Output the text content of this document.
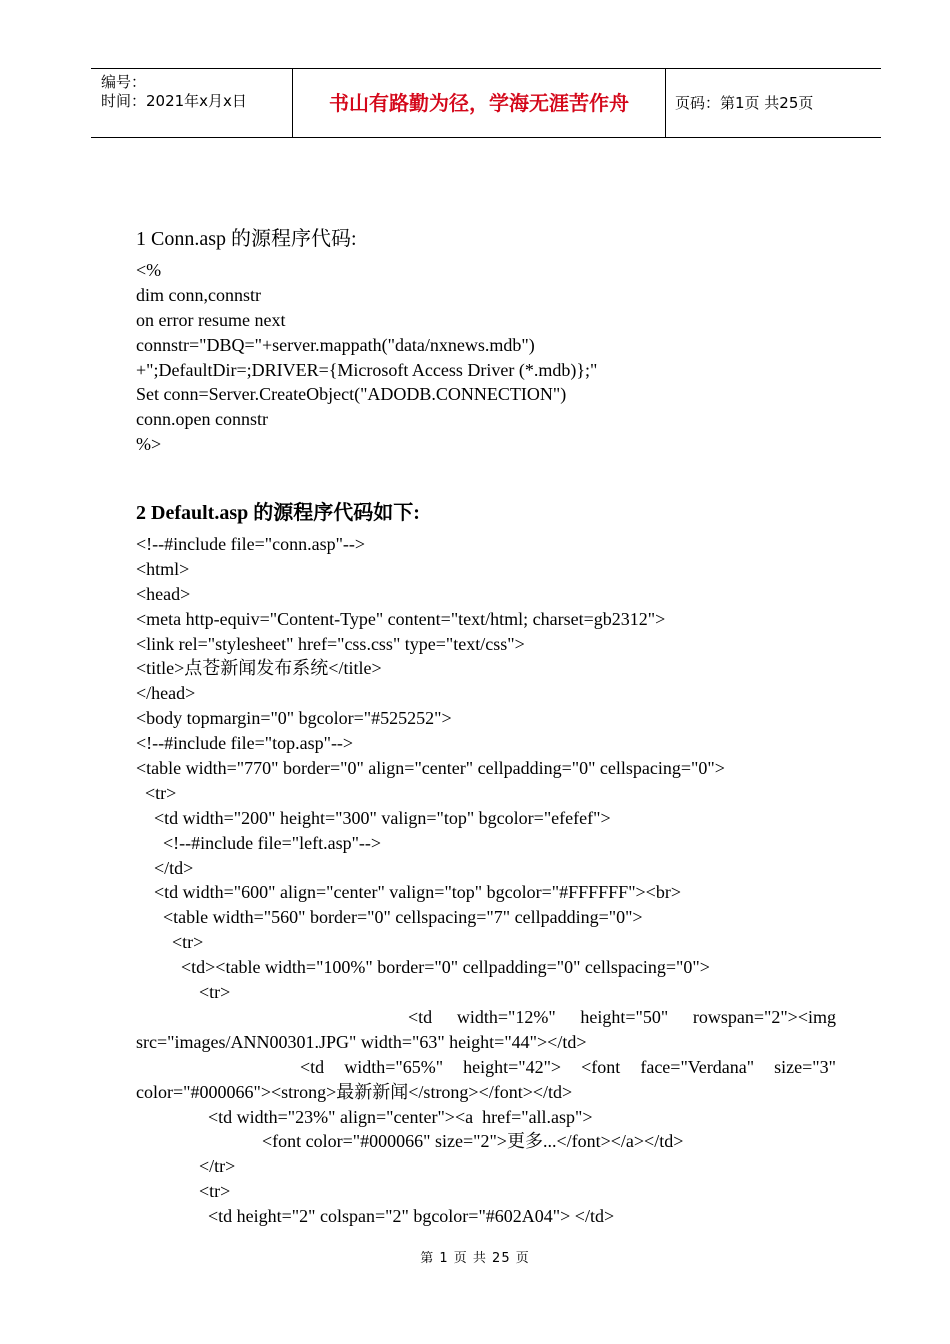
编号：
时间：2021年x月x日	书山有路勤为径，学海无涯苦作舟	页码：第1页 共25页
1 Conn.asp 的源程序代码:
<%
dim conn,connstr
on error resume next
connstr="DBQ="+server.mappath("data/nxnews.mdb")
+";DefaultDir=;DRIVER={Microsoft Access Driver (*.mdb)};"
Set conn=Server.CreateObject("ADODB.CONNECTION")
conn.open connstr
%>
2 Default.asp 的源程序代码如下:
<!--#include file="conn.asp"-->
<html>
<head>
<meta http-equiv="Content-Type" content="text/html; charset=gb2312">
<link rel="stylesheet" href="css.css" type="text/css">
<title>点苍新闻发布系统</title>
</head>
<body topmargin="0" bgcolor="#525252">
<!--#include file="top.asp"-->
<table width="770" border="0" align="center" cellpadding="0" cellspacing="0">
<tr>
<td width="200" height="300" valign="top" bgcolor="efefef">
<!--#include file="left.asp"-->
</td>
<td width="600" align="center" valign="top" bgcolor="#FFFFFF"><br>
<table width="560" border="0" cellspacing="7" cellpadding="0">
<tr>
<td><table width="100%" border="0" cellpadding="0" cellspacing="0">
<tr>
<td width="12%" height="50" rowspan="2"><img src="images/ANN00301.JPG" width="63" height="44"></td>
<td width="65%" height="42"> <font face="Verdana" size="3" color="#000066"><strong>最新新闻</strong></font></td>
<td width="23%" align="center"><a  href="all.asp">
<font color="#000066" size="2">更多...</font></a></td>
</tr>
<tr>
<td height="2" colspan="2" bgcolor="#602A04"> </td>
第 1 页 共 25 页
